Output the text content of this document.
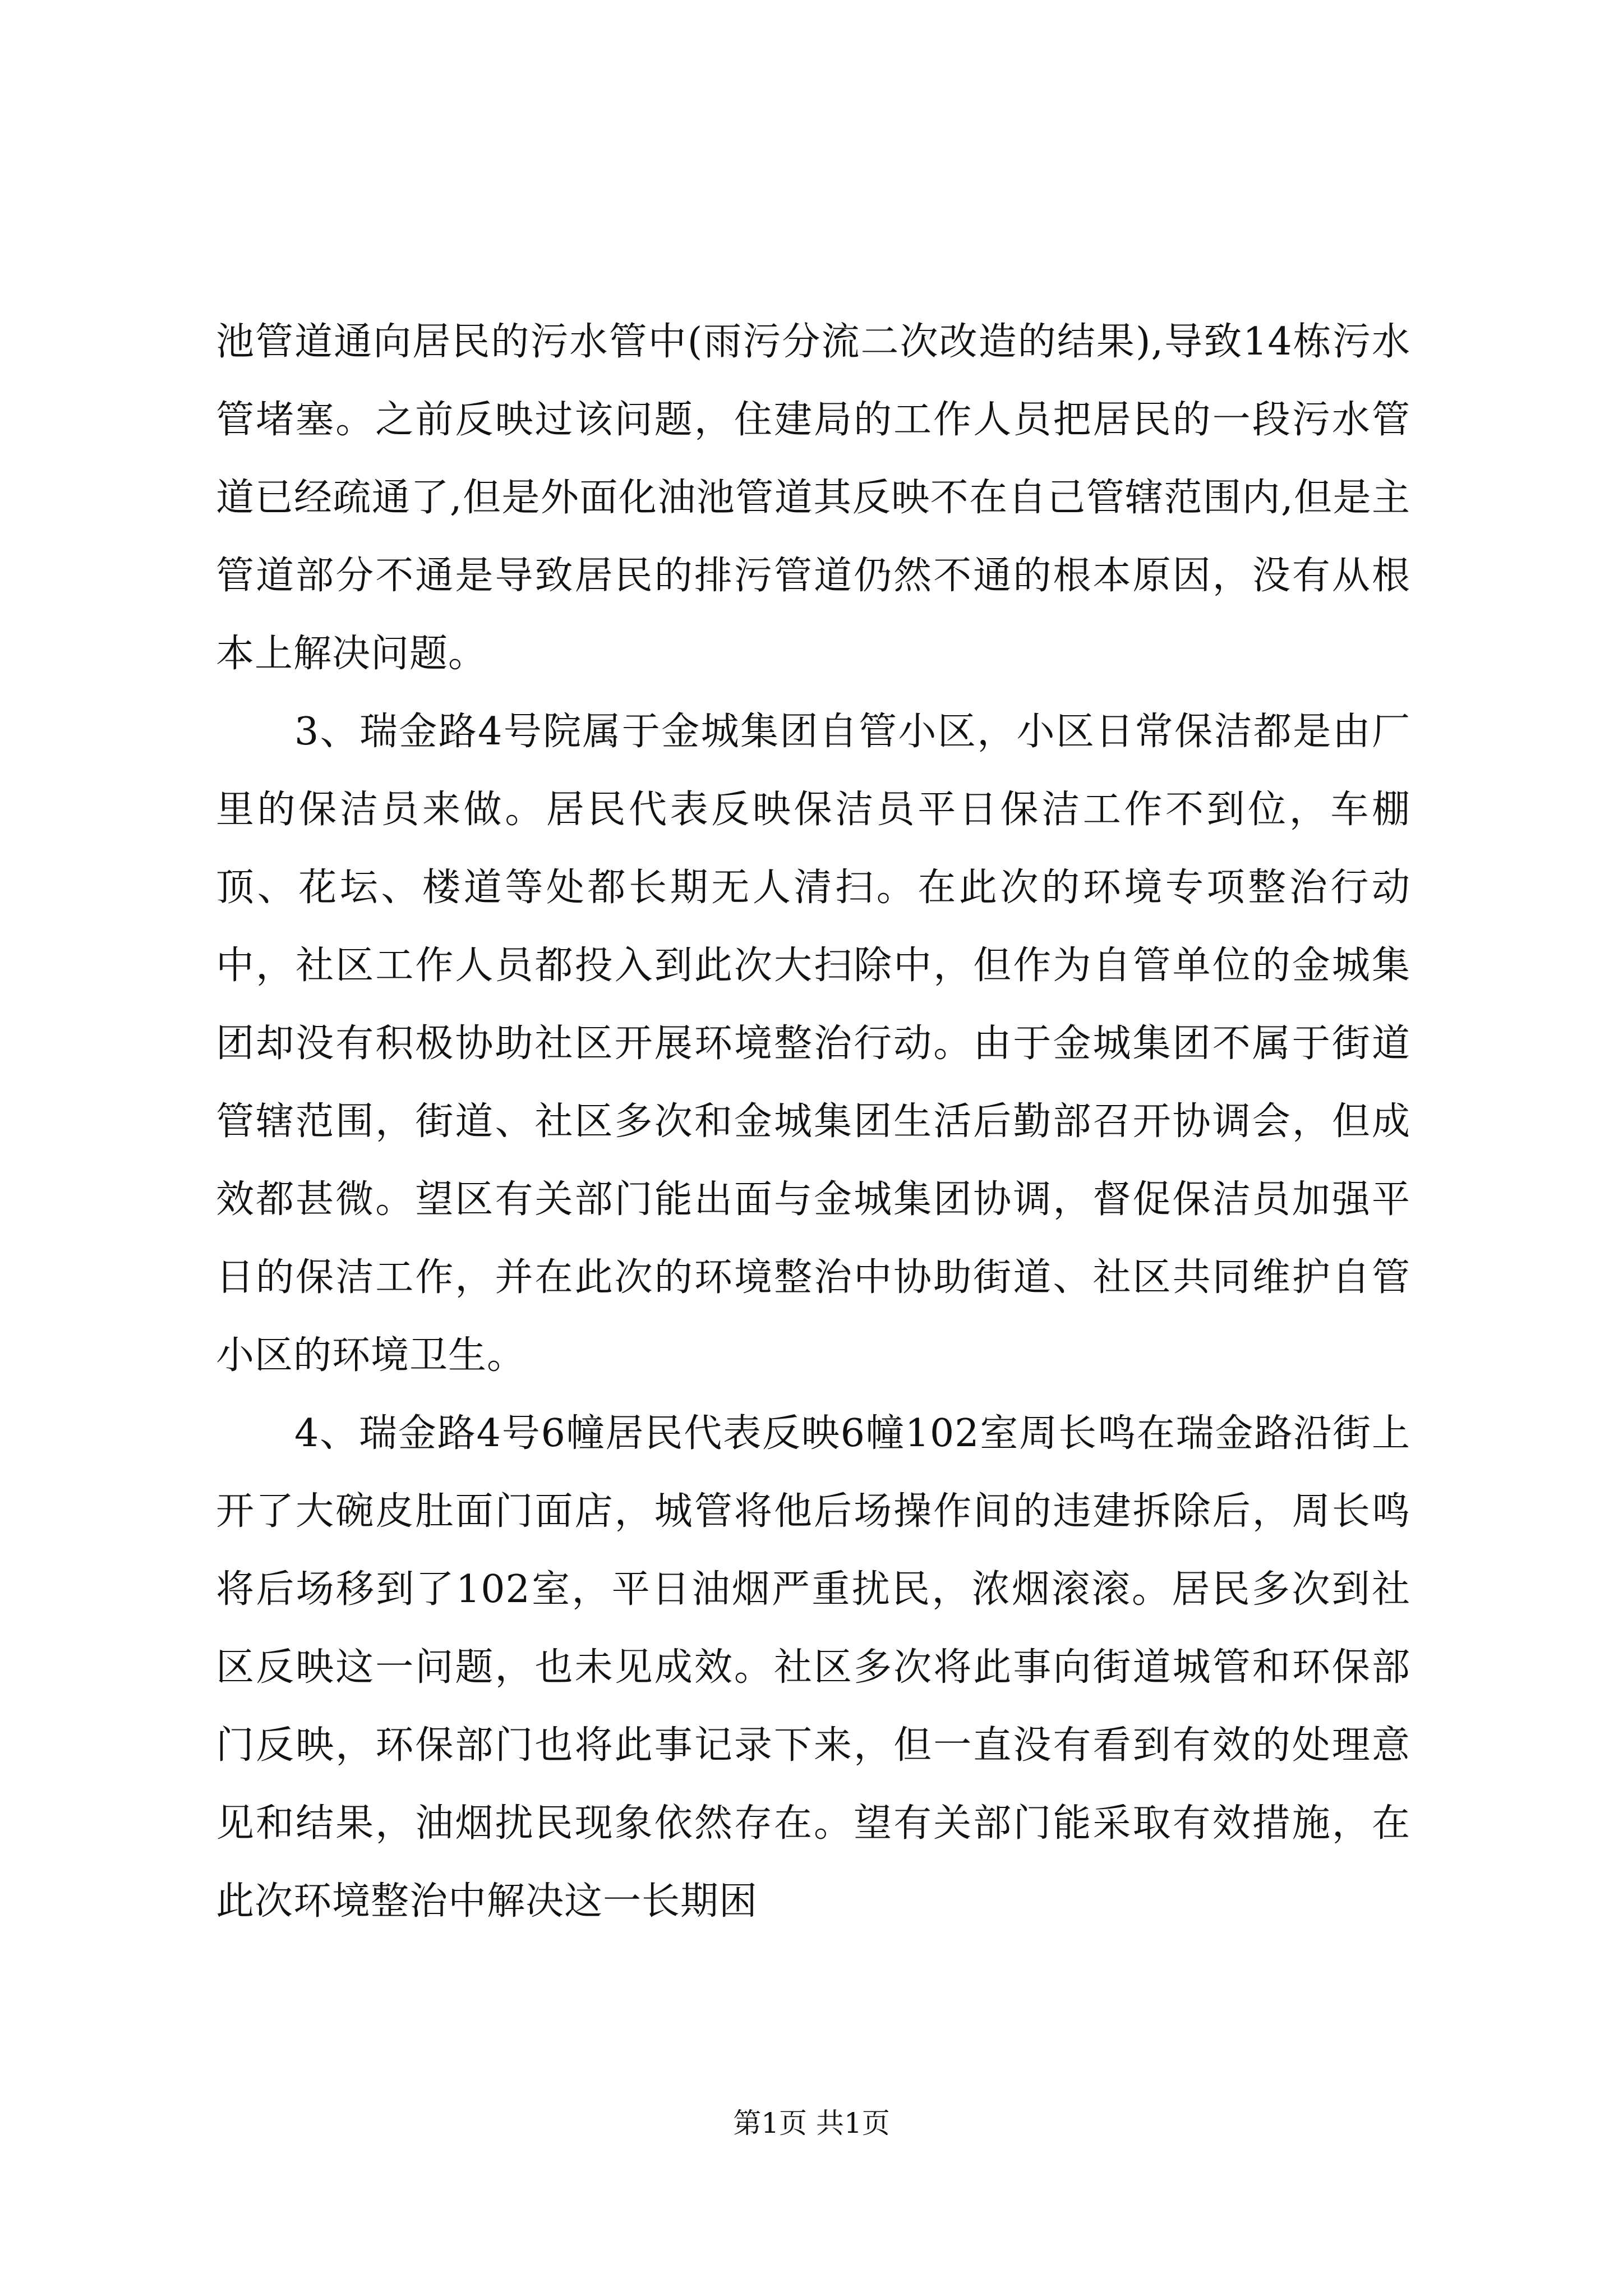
池管道通向居民的污水管中(雨污分流二次改造的结果),导致14栋污水管堵塞。之前反映过该问题，住建局的工作人员把居民的一段污水管道已经疏通了,但是外面化油池管道其反映不在自己管辖范围内,但是主管道部分不通是导致居民的排污管道仍然不通的根本原因，没有从根本上解决问题。

3、瑞金路4号院属于金城集团自管小区，小区日常保洁都是由厂里的保洁员来做。居民代表反映保洁员平日保洁工作不到位，车棚顶、花坛、楼道等处都长期无人清扫。在此次的环境专项整治行动中，社区工作人员都投入到此次大扫除中，但作为自管单位的金城集团却没有积极协助社区开展环境整治行动。由于金城集团不属于街道管辖范围，街道、社区多次和金城集团生活后勤部召开协调会，但成效都甚微。望区有关部门能出面与金城集团协调，督促保洁员加强平日的保洁工作，并在此次的环境整治中协助街道、社区共同维护自管小区的环境卫生。

4、瑞金路4号6幢居民代表反映6幢102室周长鸣在瑞金路沿街上开了大碗皮肚面门面店，城管将他后场操作间的违建拆除后，周长鸣将后场移到了102室，平日油烟严重扰民，浓烟滚滚。居民多次到社区反映这一问题，也未见成效。社区多次将此事向街道城管和环保部门反映，环保部门也将此事记录下来，但一直没有看到有效的处理意见和结果，油烟扰民现象依然存在。望有关部门能采取有效措施，在此次环境整治中解决这一长期困

第1页 共1页
